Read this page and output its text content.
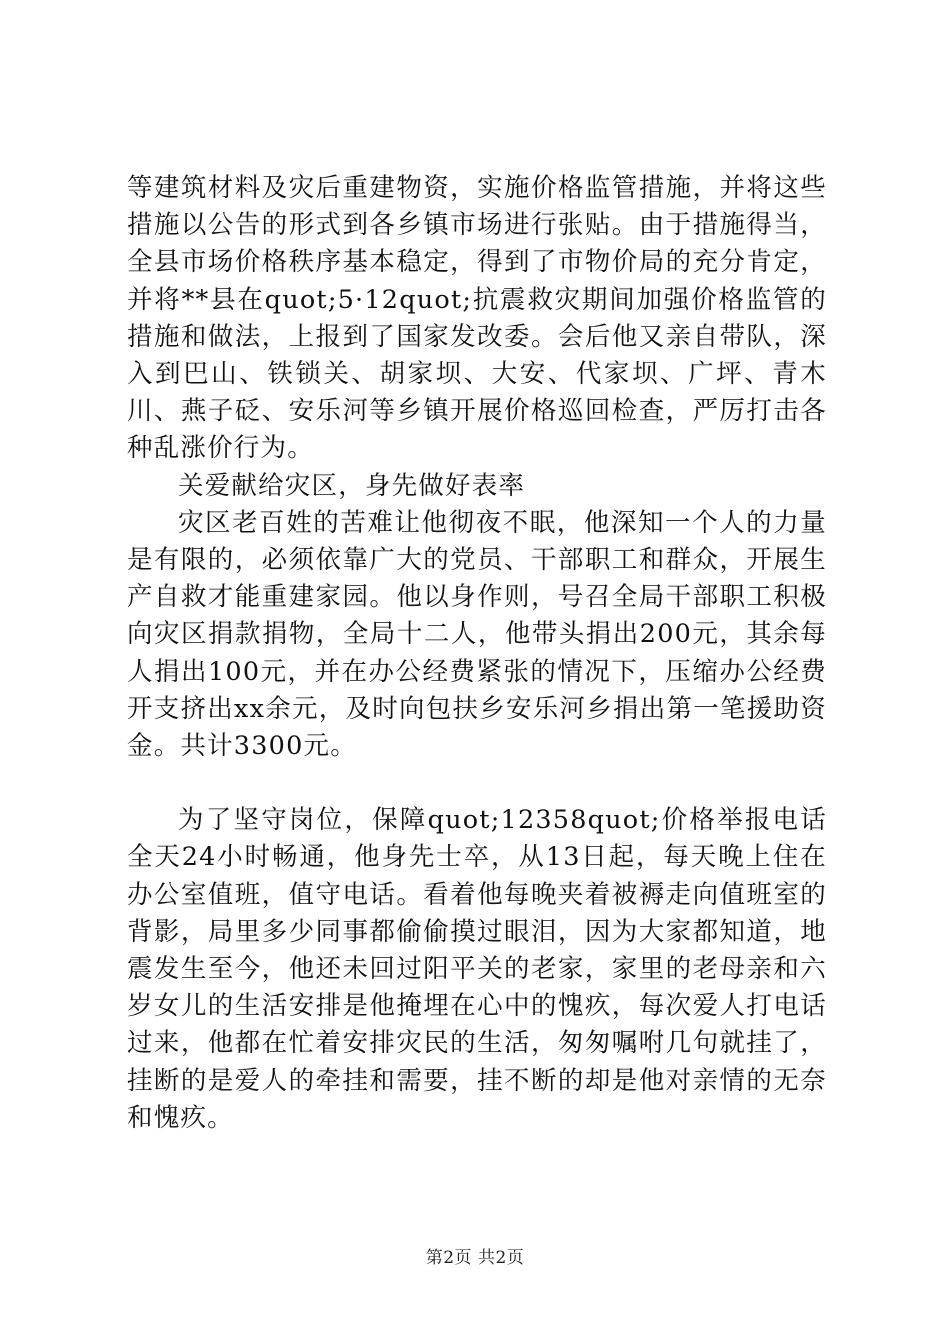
等建筑材料及灾后重建物资，实施价格监管措施，并将这些措施以公告的形式到各乡镇市场进行张贴。由于措施得当，全县市场价格秩序基本稳定，得到了市物价局的充分肯定，并将**县在quot;5·12quot;抗震救灾期间加强价格监管的措施和做法，上报到了国家发改委。会后他又亲自带队，深入到巴山、铁锁关、胡家坝、大安、代家坝、广坪、青木川、燕子砭、安乐河等乡镇开展价格巡回检查，严厉打击各种乱涨价行为。

关爱献给灾区，身先做好表率

灾区老百姓的苦难让他彻夜不眠，他深知一个人的力量是有限的，必须依靠广大的党员、干部职工和群众，开展生产自救才能重建家园。他以身作则，号召全局干部职工积极向灾区捐款捐物，全局十二人，他带头捐出200元，其余每人捐出100元，并在办公经费紧张的情况下，压缩办公经费开支挤出xx余元，及时向包扶乡安乐河乡捐出第一笔援助资金。共计3300元。

为了坚守岗位，保障quot;12358quot;价格举报电话全天24小时畅通，他身先士卒，从13日起，每天晚上住在办公室值班，值守电话。看着他每晚夹着被褥走向值班室的背影，局里多少同事都偷偷摸过眼泪，因为大家都知道，地震发生至今，他还未回过阳平关的老家，家里的老母亲和六岁女儿的生活安排是他掩埋在心中的愧疚，每次爱人打电话过来，他都在忙着安排灾民的生活，匆匆嘱咐几句就挂了，挂断的是爱人的牵挂和需要，挂不断的却是他对亲情的无奈和愧疚。

第2页 共2页
